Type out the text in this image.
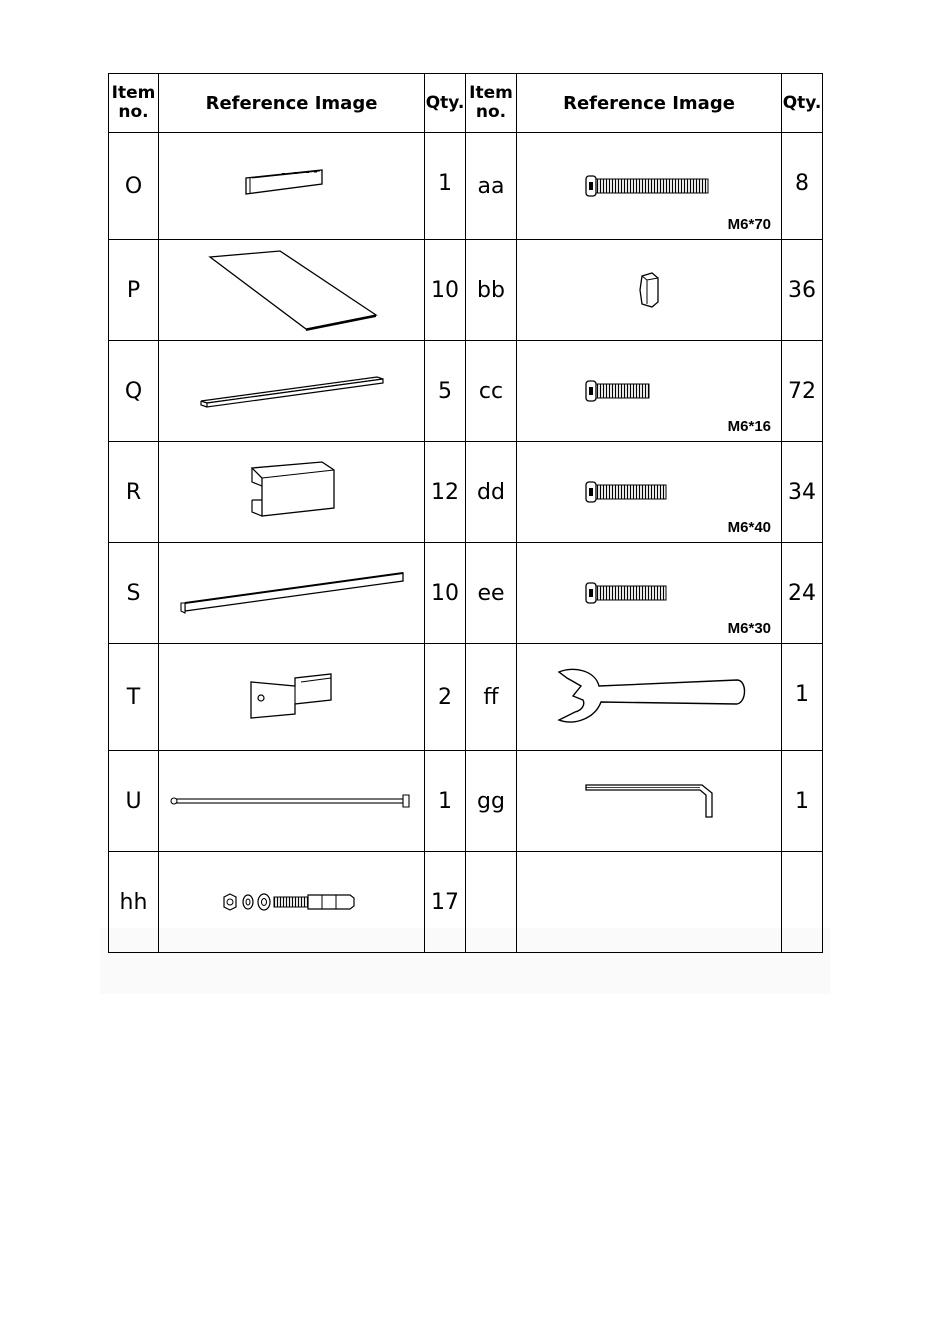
Item no.	Reference Image	Qty.	Item no.	Reference Image	Qty.
O		1	aa	M6*70	8
P		10	bb		36
Q		5	cc	M6*16	72
R		12	dd	M6*40	34
S		10	ee	M6*30	24
T		2	ff		1
U		1	gg		1
hh		17			
